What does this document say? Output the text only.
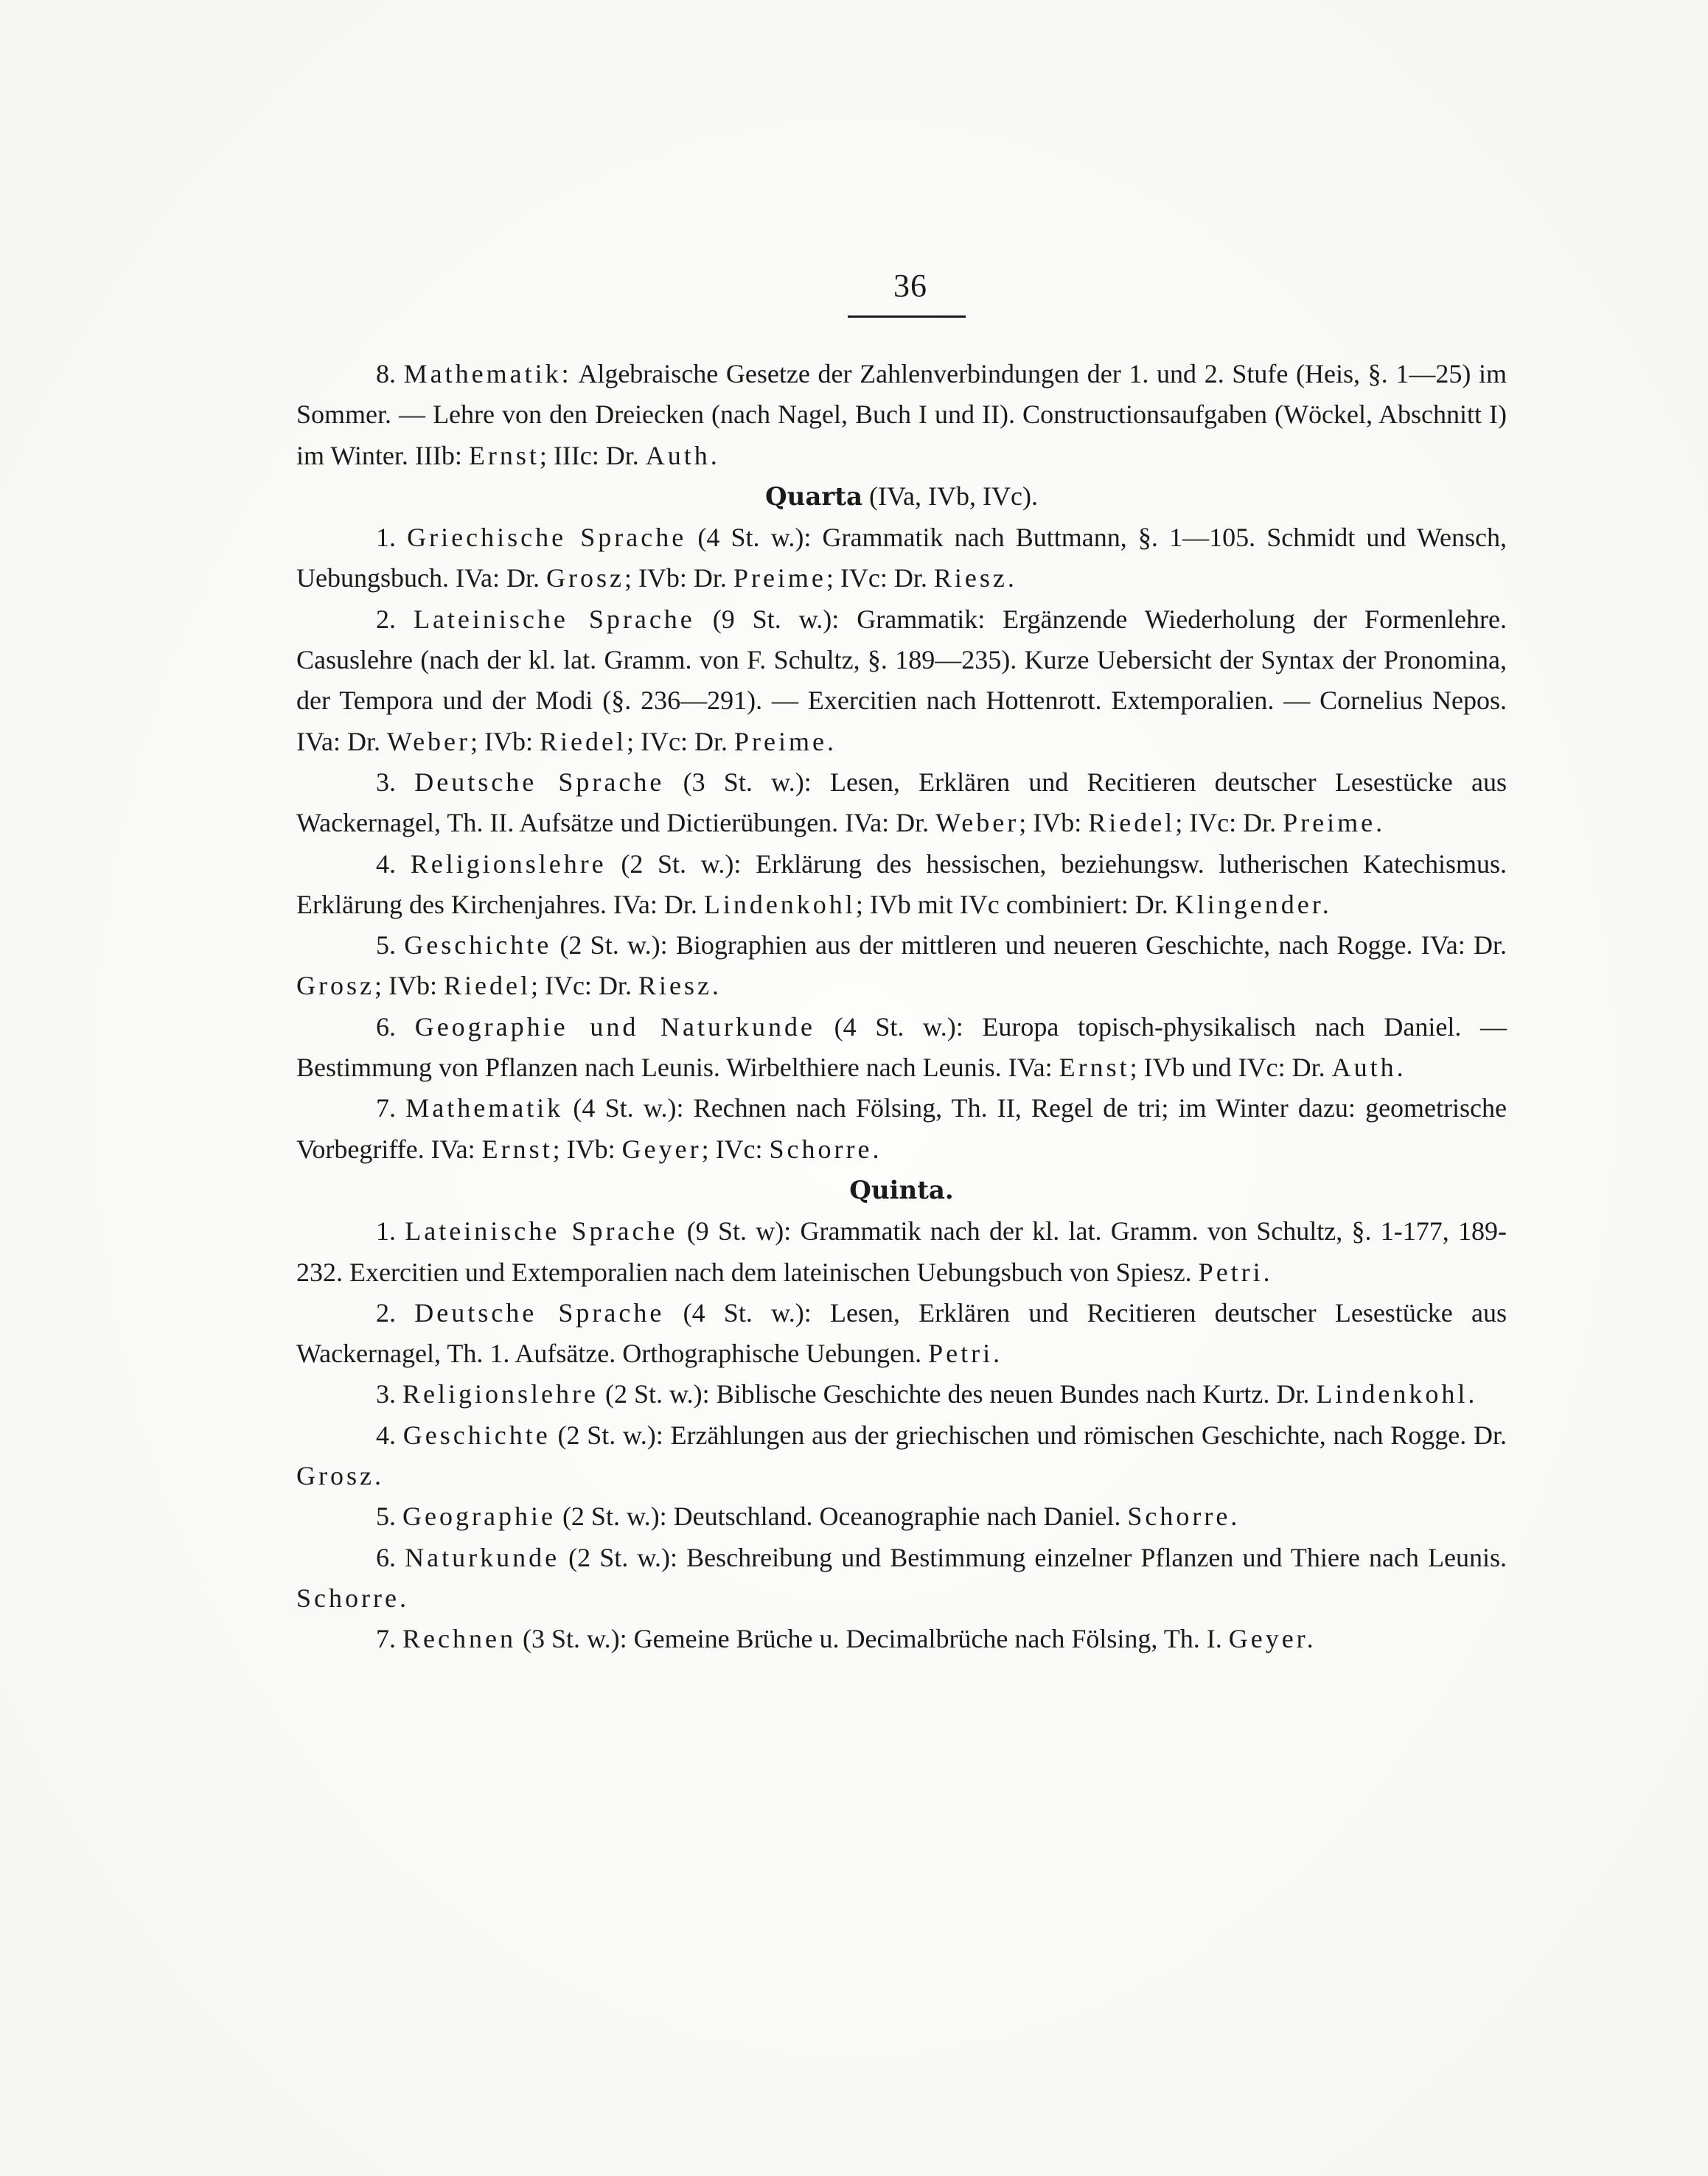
36

8. Mathematik: Algebraische Gesetze der Zahlenverbindungen der 1. und 2. Stufe (Heis, §. 1—25) im Sommer. — Lehre von den Dreiecken (nach Nagel, Buch I und II). Constructionsaufgaben (Wöckel, Abschnitt I) im Winter. IIIb: Ernst; IIIc: Dr. Auth.

Quarta (IVa, IVb, IVc).

1. Griechische Sprache (4 St. w.): Grammatik nach Buttmann, §. 1—105. Schmidt und Wensch, Uebungsbuch. IVa: Dr. Grosz; IVb: Dr. Preime; IVc: Dr. Riesz.

2. Lateinische Sprache (9 St. w.): Grammatik: Ergänzende Wiederholung der Formenlehre. Casuslehre (nach der kl. lat. Gramm. von F. Schultz, §. 189—235). Kurze Uebersicht der Syntax der Pronomina, der Tempora und der Modi (§. 236—291). — Exercitien nach Hottenrott. Extemporalien. — Cornelius Nepos. IVa: Dr. Weber; IVb: Riedel; IVc: Dr. Preime.

3. Deutsche Sprache (3 St. w.): Lesen, Erklären und Recitieren deutscher Lesestücke aus Wackernagel, Th. II. Aufsätze und Dictierübungen. IVa: Dr. Weber; IVb: Riedel; IVc: Dr. Preime.

4. Religionslehre (2 St. w.): Erklärung des hessischen, beziehungsw. lutherischen Katechismus. Erklärung des Kirchenjahres. IVa: Dr. Lindenkohl; IVb mit IVc combiniert: Dr. Klingender.

5. Geschichte (2 St. w.): Biographien aus der mittleren und neueren Geschichte, nach Rogge. IVa: Dr. Grosz; IVb: Riedel; IVc: Dr. Riesz.

6. Geographie und Naturkunde (4 St. w.): Europa topisch-physikalisch nach Daniel. — Bestimmung von Pflanzen nach Leunis. Wirbelthiere nach Leunis. IVa: Ernst; IVb und IVc: Dr. Auth.

7. Mathematik (4 St. w.): Rechnen nach Fölsing, Th. II, Regel de tri; im Winter dazu: geometrische Vorbegriffe. IVa: Ernst; IVb: Geyer; IVc: Schorre.

Quinta.

1. Lateinische Sprache (9 St. w): Grammatik nach der kl. lat. Gramm. von Schultz, §. 1-177, 189-232. Exercitien und Extemporalien nach dem lateinischen Uebungsbuch von Spiesz. Petri.

2. Deutsche Sprache (4 St. w.): Lesen, Erklären und Recitieren deutscher Lesestücke aus Wackernagel, Th. 1. Aufsätze. Orthographische Uebungen. Petri.

3. Religionslehre (2 St. w.): Biblische Geschichte des neuen Bundes nach Kurtz. Dr. Lindenkohl.

4. Geschichte (2 St. w.): Erzählungen aus der griechischen und römischen Geschichte, nach Rogge. Dr. Grosz.

5. Geographie (2 St. w.): Deutschland. Oceanographie nach Daniel. Schorre.

6. Naturkunde (2 St. w.): Beschreibung und Bestimmung einzelner Pflanzen und Thiere nach Leunis. Schorre.

7. Rechnen (3 St. w.): Gemeine Brüche u. Decimalbrüche nach Fölsing, Th. I. Geyer.
